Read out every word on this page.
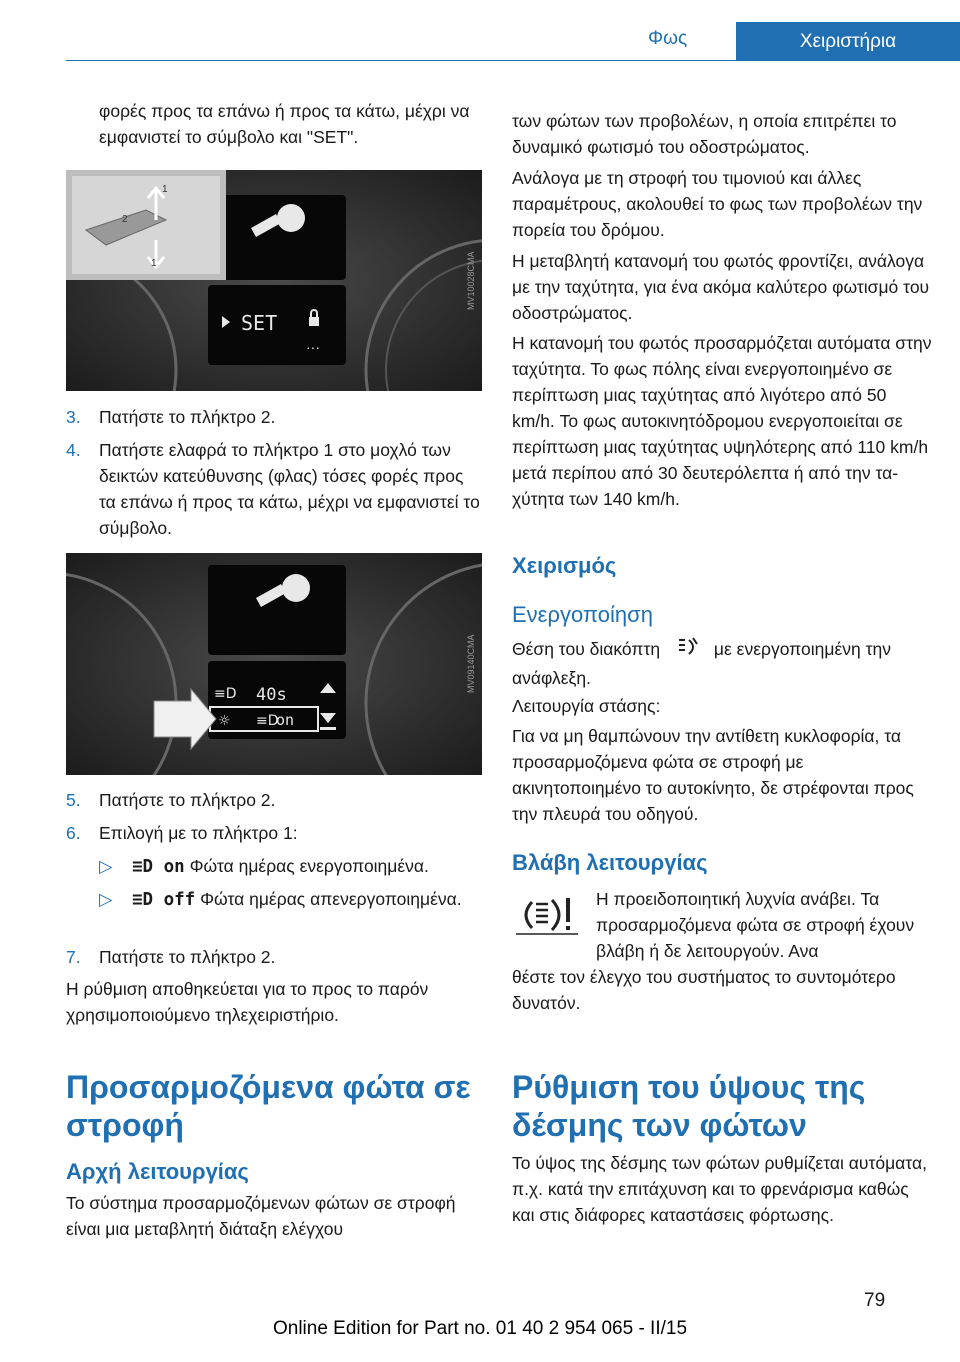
Φως	Χειριστήρια

φορές προς τα επάνω ή προς τα κάτω, μέχρι να εμφανιστεί το σύμβολο και "SET".

1
2
1
SET
···
MV10028CMA
3. Πατήστε το πλήκτρο 2.
4. Πατήστε ελαφρά το πλήκτρο 1 στο μοχλό των δεικτών κατεύθυνσης (φλας) τόσες φορές προς τα επάνω ή προς τα κάτω, μέχρι να εμφανιστεί το σύμβολο.
≡D 40s
☼ ≡D
on
MV09140CMA
5. Πατήστε το πλήκτρο 2.
6. Επιλογή με το πλήκτρο 1:
▷ ≡D on Φώτα ημέρας ενεργοποιημένα.
▷ ≡D off Φώτα ημέρας απενεργοποιημένα.
7. Πατήστε το πλήκτρο 2.

Η ρύθμιση αποθηκεύεται για το προς το παρόν χρησιμοποιούμενο τηλεχειριστήριο.

Προσαρμοζόμενα φώτα σε στροφή
Αρχή λειτουργίας

Το σύστημα προσαρμοζόμενων φώτων σε στροφή είναι μια μεταβλητή διάταξη ελέγχου

των φώτων των προβολέων, η οποία επιτρέπει το δυναμικό φωτισμό του οδοστρώματος.

Ανάλογα με τη στροφή του τιμονιού και άλλες παραμέτρους, ακολουθεί το φως των προβολέων την πορεία του δρόμου.

Η μεταβλητή κατανομή του φωτός φροντίζει, ανάλογα με την ταχύτητα, για ένα ακόμα καλύτερο φωτισμό του οδοστρώματος.

Η κατανομή του φωτός προσαρμόζεται αυτόματα στην ταχύτητα. Το φως πόλης είναι ενεργοποιημένο σε περίπτωση μιας ταχύτητας από λιγότερο από 50 km/h. Το φως αυτοκινητόδρομου ενεργοποιείται σε περίπτωση μιας ταχύτητας υψηλότερης από 110 km/h μετά περίπου από 30 δευτερόλεπτα ή από την ταχύτητα των 140 km/h.

Χειρισμός
Ενεργοποίηση

Θέση του διακόπτη	με ενεργοποιημένη την ανάφλεξη.

Λειτουργία στάσης:

Για να μη θαμπώνουν την αντίθετη κυκλοφορία, τα προσαρμοζόμενα φώτα σε στροφή με ακινητοποιημένο το αυτοκίνητο, δε στρέφονται προς την πλευρά του οδηγού.

Βλάβη λειτουργίας

Η προειδοποιητική λυχνία ανάβει. Τα προσαρμοζόμενα φώτα σε στροφή έχουν βλάβη ή δε λειτουργούν. Ανα

θέστε τον έλεγχο του συστήματος το συντομότερο δυνατόν.

Ρύθμιση του ύψους της δέσμης των φώτων

Το ύψος της δέσμης των φώτων ρυθμίζεται αυτόματα, π.χ. κατά την επιτάχυνση και το φρενάρισμα καθώς και στις διάφορες καταστάσεις φόρτωσης.

Online Edition for Part no. 01 40 2 954 065 - II/15
79
